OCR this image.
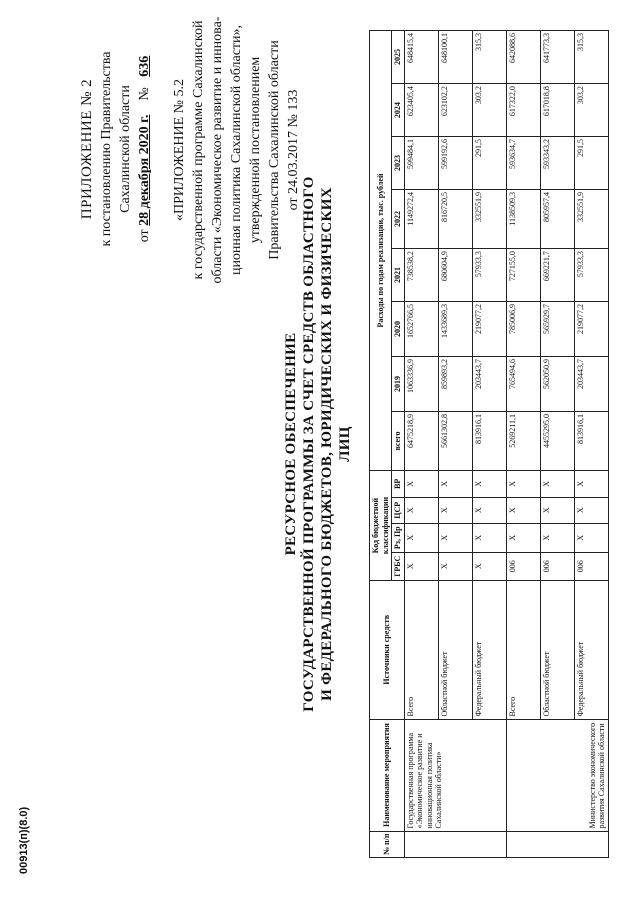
ПРИЛОЖЕНИЕ № 2 к постановлению Правительства Сахалинской области
от 28 декабря 2020 г.    №   636
«ПРИЛОЖЕНИЕ № 5.2 к государственной программе Сахалинской области «Экономическое развитие и иннова- ционная политика Сахалинской области», утвержденной постановлением Правительства Сахалинской области от 24.03.2017 № 133
РЕСУРСНОЕ ОБЕСПЕЧЕНИЕ ГОСУДАРСТВЕННОЙ ПРОГРАММЫ ЗА СЧЕТ СРЕДСТВ ОБЛАСТНОГО И ФЕДЕРАЛЬНОГО БЮДЖЕТОВ, ЮРИДИЧЕСКИХ И ФИЗИЧЕСКИХ ЛИЦ
№ п/п	Наименование мероприятия	Источники средств	Код бюджетной классификации				Расходы по годам реализации, тыс. рублей							
			ГРБС	Рз, Пр	ЦСР	ВР	всего	2019	2020	2021	2022	2023	2024	2025
	Государственная программа «Экономическое развитие и инновационная политика Сахалинской области»	Всего	X	X	X	X	6475218,9	1063336,9	1652766,5	738538,2	1149272,4	599484,1	623405,4	648415,4
		Областной бюджет	X	X	X	X	5661302,8	859893,2	1433689,3	680604,9	816720,5	599192,6	623102,2	648100,1
		Федеральный бюджет	X	X	X	X	813916,1	203443,7	219077,2	57933,3	332551,9	291,5	303,2	315,3
	Министерство экономического развития Сахалинской области	Всего	006	X	X	X	5269211,1	765494,6	785006,9	727155,0	1138509,3	593634,7	617322,0	642088,6
		Областной бюджет	006	X	X	X	4455295,0	562050,9	565929,7	669221,7	805957,4	593343,2	617018,8	641773,3
		Федеральный бюджет	006	X	X	X	813916,1	203443,7	219077,2	57933,3	332551,9	291,5	303,2	315,3
00913(п)(8.0)
